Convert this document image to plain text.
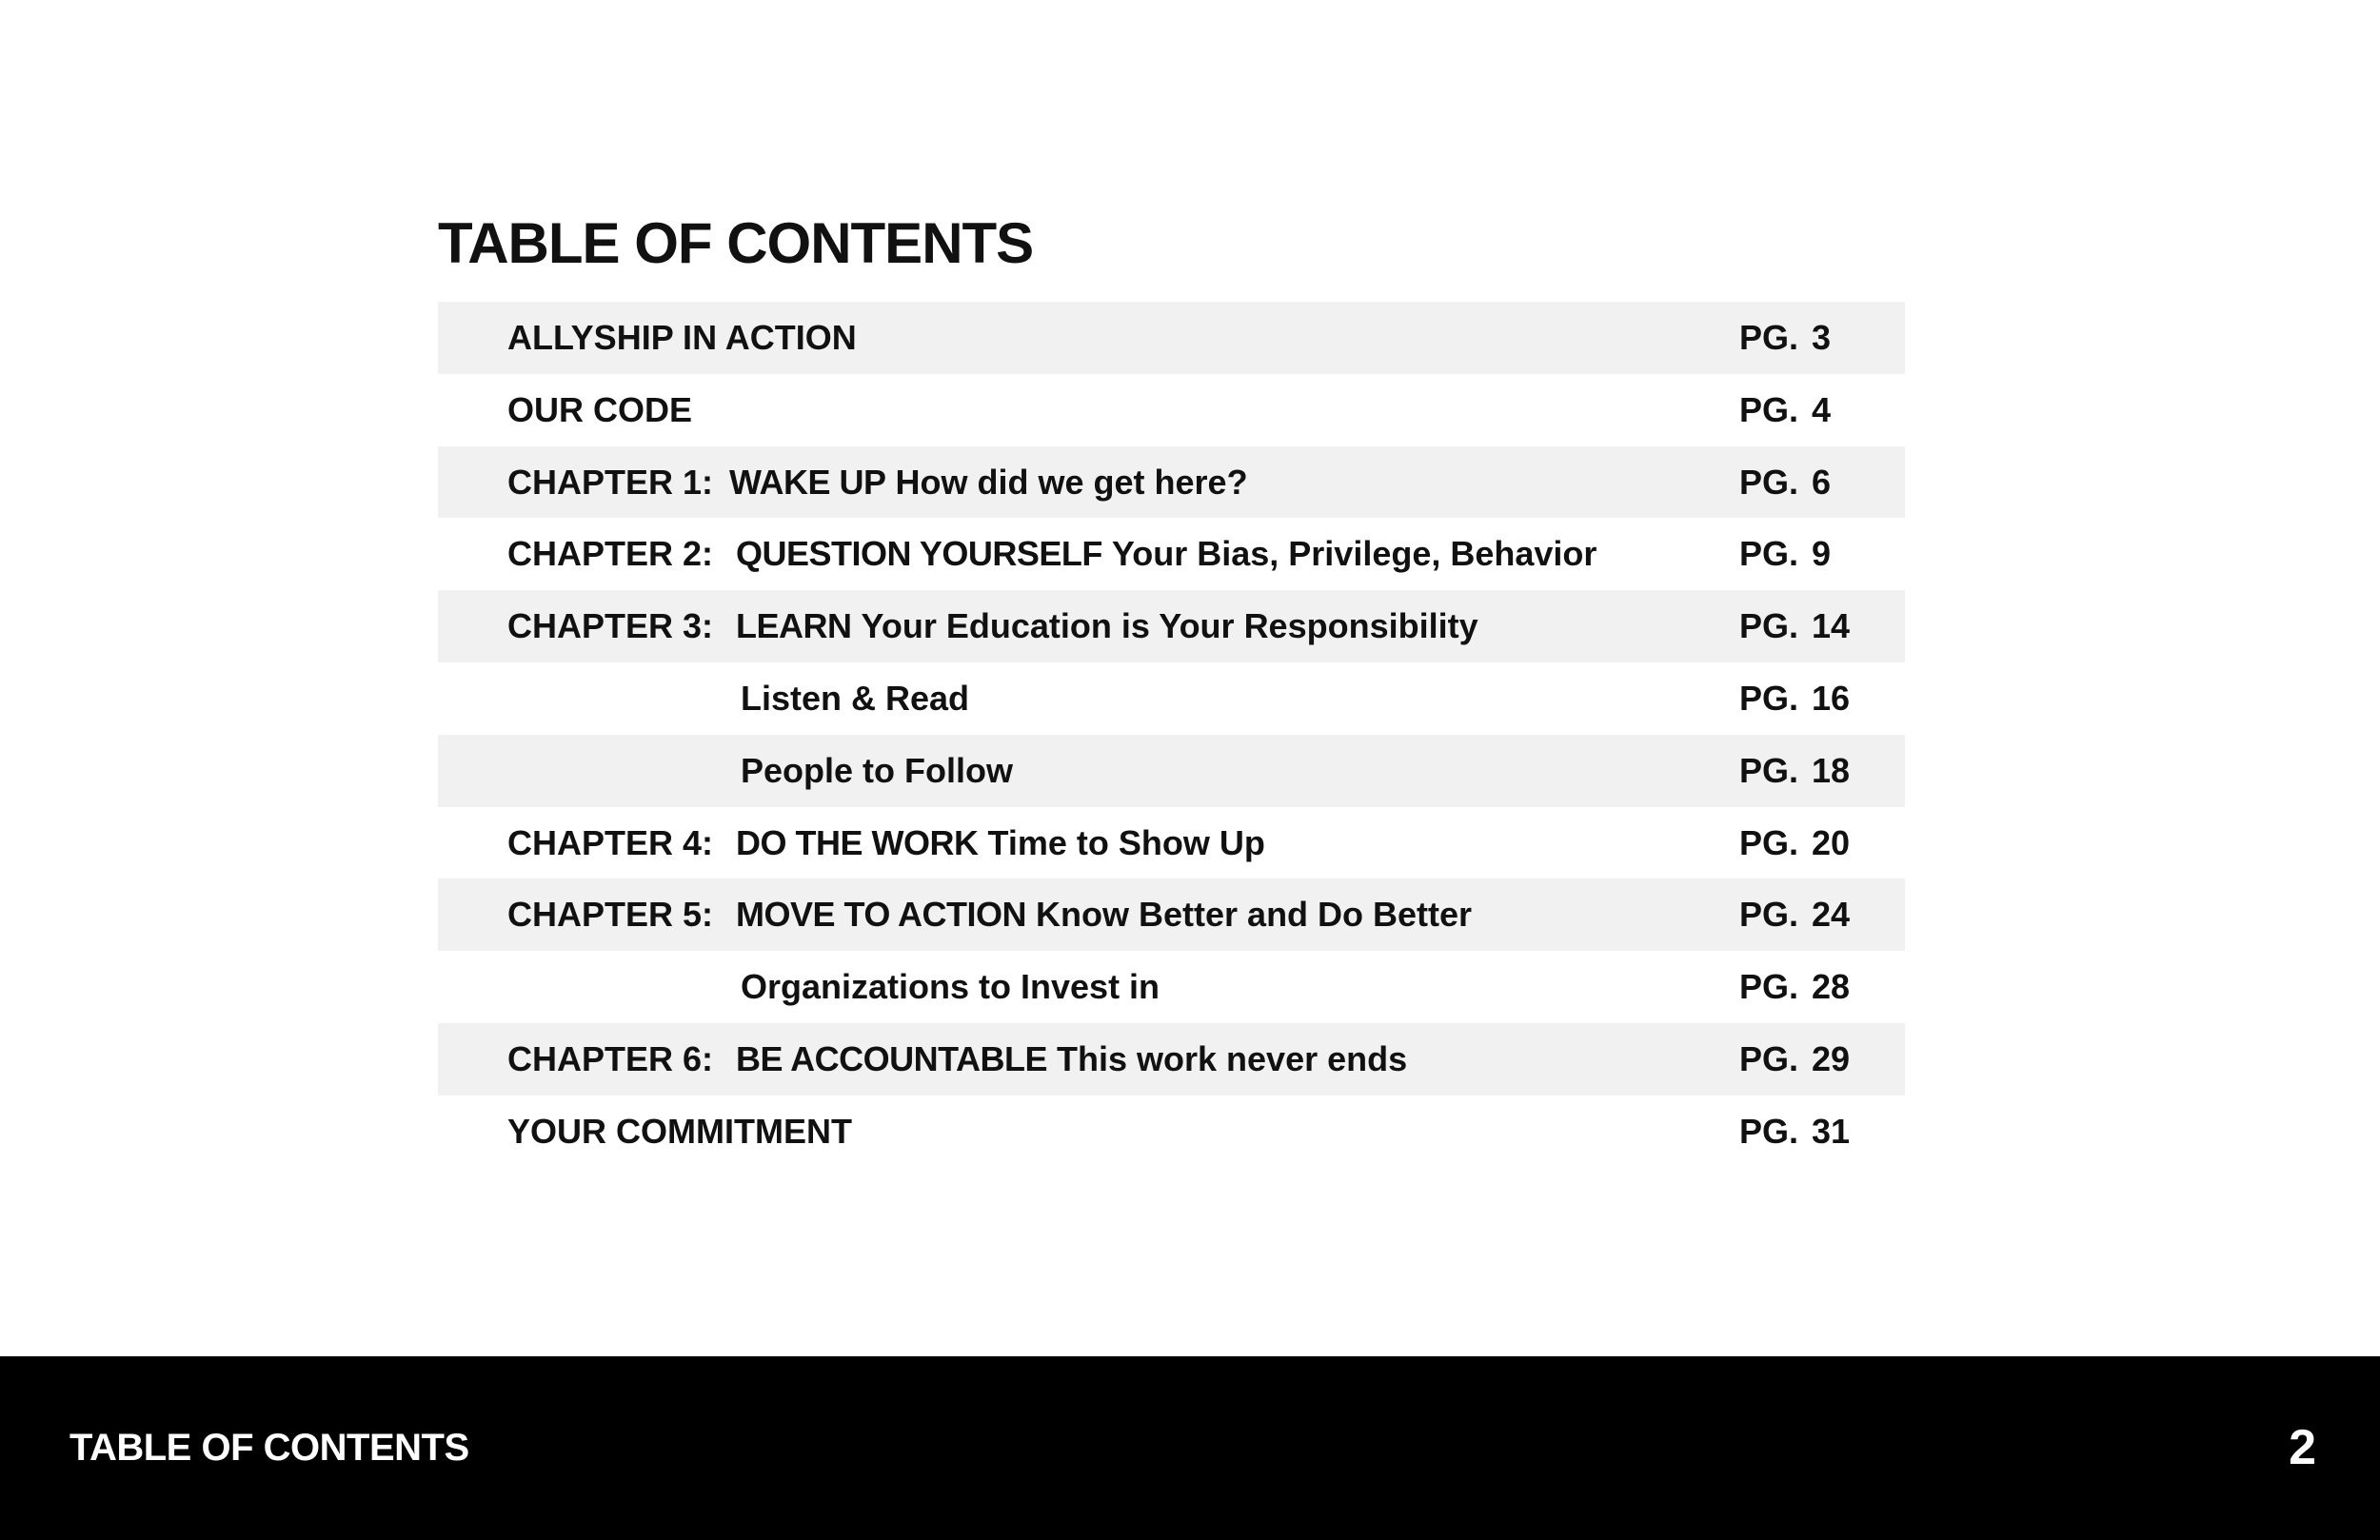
TABLE OF CONTENTS
ALLYSHIP IN ACTION	PG. 3
OUR CODE	PG. 4
CHAPTER 1: WAKE UP How did we get here?	PG. 6
CHAPTER 2: QUESTION YOURSELF Your Bias, Privilege, Behavior	PG. 9
CHAPTER 3: LEARN Your Education is Your Responsibility	PG. 14
Listen & Read	PG. 16
People to Follow	PG. 18
CHAPTER 4: DO THE WORK Time to Show Up	PG. 20
CHAPTER 5: MOVE TO ACTION Know Better and Do Better	PG. 24
Organizations to Invest in	PG. 28
CHAPTER 6: BE ACCOUNTABLE This work never ends	PG. 29
YOUR COMMITMENT	PG. 31
TABLE OF CONTENTS	2
